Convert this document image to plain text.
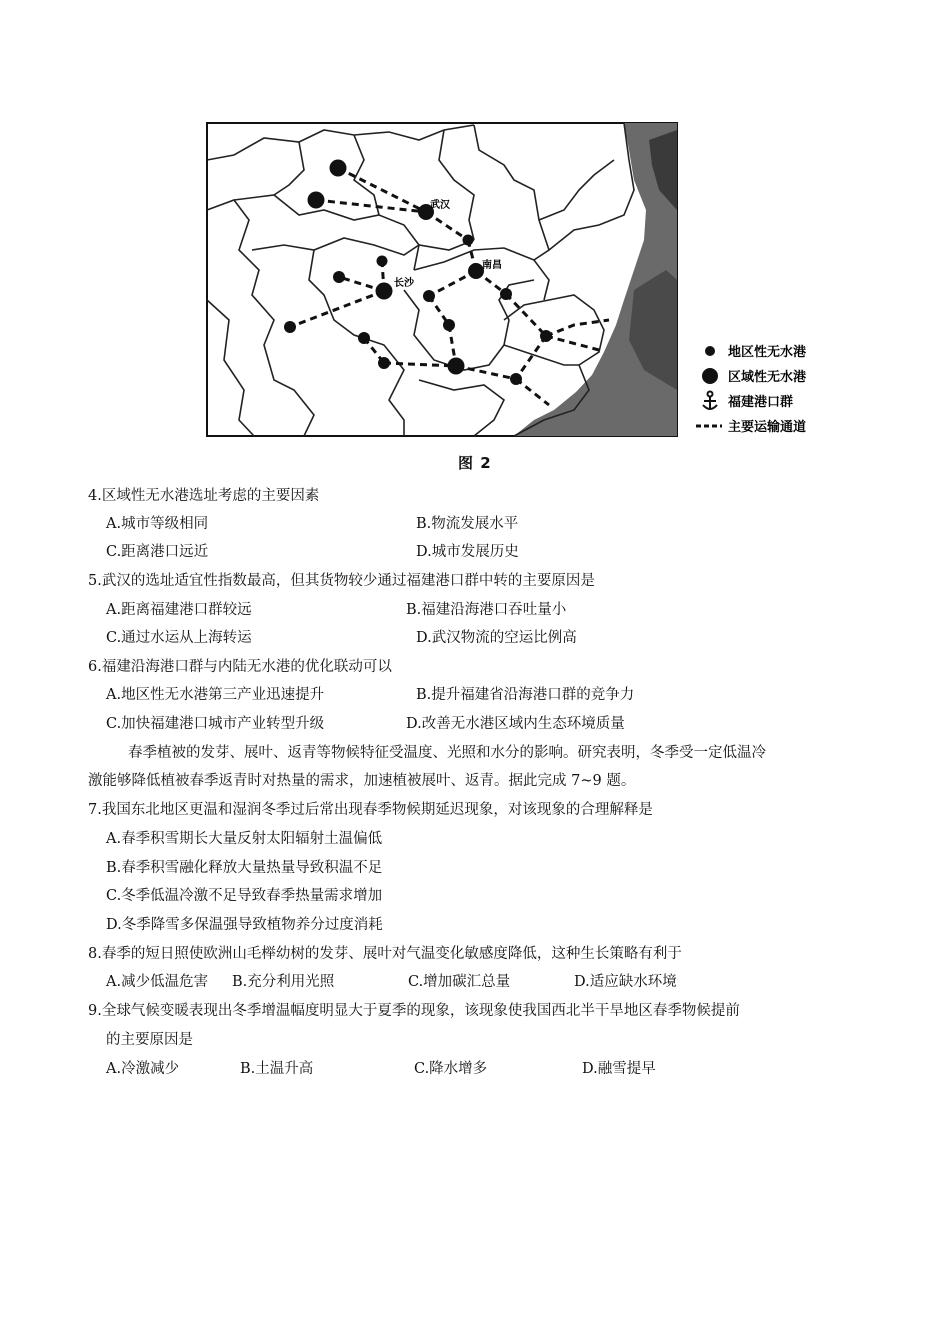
武汉
长沙
南昌
地区性无水港
区域性无水港
福建港口群
主要运输通道
图 2
4.区域性无水港选址考虑的主要因素
A.城市等级相同	B.物流发展水平
C.距离港口远近	D.城市发展历史
5.武汉的选址适宜性指数最高，但其货物较少通过福建港口群中转的主要原因是
A.距离福建港口群较远	B.福建沿海港口吞吐量小
C.通过水运从上海转运	D.武汉物流的空运比例高
6.福建沿海港口群与内陆无水港的优化联动可以
A.地区性无水港第三产业迅速提升	B.提升福建省沿海港口群的竞争力
C.加快福建港口城市产业转型升级	D.改善无水港区域内生态环境质量
春季植被的发芽、展叶、返青等物候特征受温度、光照和水分的影响。研究表明，冬季受一定低温冷
激能够降低植被春季返青时对热量的需求，加速植被展叶、返青。据此完成 7~9 题。
7.我国东北地区更温和湿润冬季过后常出现春季物候期延迟现象，对该现象的合理解释是
A.春季积雪期长大量反射太阳辐射土温偏低
B.春季积雪融化释放大量热量导致积温不足
C.冬季低温冷激不足导致春季热量需求增加
D.冬季降雪多保温强导致植物养分过度消耗
8.春季的短日照使欧洲山毛榉幼树的发芽、展叶对气温变化敏感度降低，这种生长策略有利于
A.减少低温危害 B.充分利用光照	C.增加碳汇总量	D.适应缺水环境
9.全球气候变暖表现出冬季增温幅度明显大于夏季的现象，该现象使我国西北半干旱地区春季物候提前
的主要原因是
A.冷激减少	B.土温升高	C.降水增多	D.融雪提早
